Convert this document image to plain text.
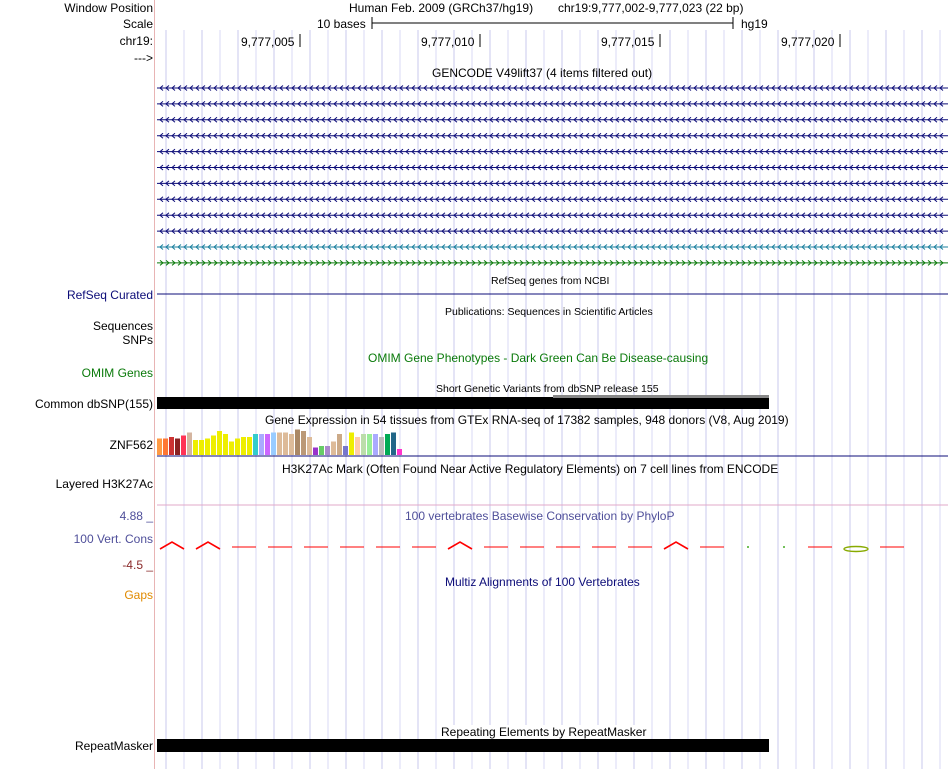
Window Position
Scale
chr19:
--->
Human Feb. 2009 (GRCh37/hg19) chr19:9,777,002-9,777,023 (22 bp)
10 bases	hg19
9,777,005	9,777,010	9,777,015	9,777,020
GENCODE V49lift37 (4 items filtered out)
RefSeq genes from NCBI
RefSeq Curated
Publications: Sequences in Scientific Articles
Sequences
SNPs
OMIM Gene Phenotypes - Dark Green Can Be Disease-causing
OMIM Genes
Short Genetic Variants from dbSNP release 155
Common dbSNP(155)
Gene Expression in 54 tissues from GTEx RNA-seq of 17382 samples, 948 donors (V8, Aug 2019)
ZNF562
H3K27Ac Mark (Often Found Near Active Regulatory Elements) on 7 cell lines from ENCODE
Layered H3K27Ac
100 vertebrates Basewise Conservation by PhyloP
4.88 _
100 Vert. Cons
-4.5 _
Multiz Alignments of 100 Vertebrates
Gaps
RepeatMasker
Repeating Elements by RepeatMasker
